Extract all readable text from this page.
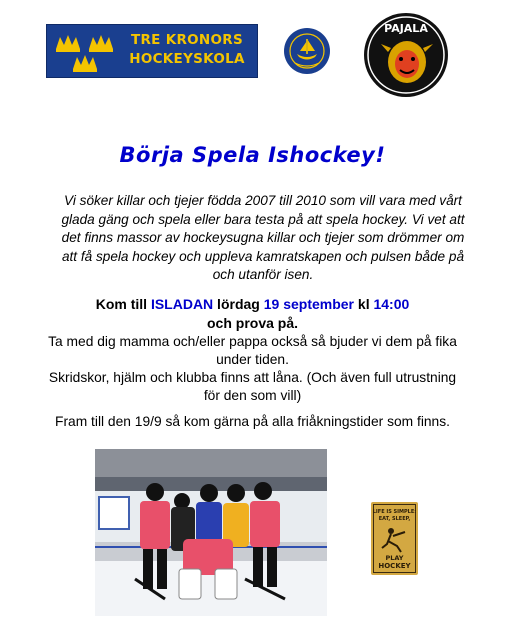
TRE KRONORS
HOCKEYSKOLA
PAJALA
Börja Spela Ishockey!
Vi söker killar och tjejer födda 2007 till 2010 som vill vara med vårt
glada gäng och spela eller bara testa på att spela hockey. Vi vet att
det finns massor av hockeysugna killar och tjejer som drömmer om
att få spela hockey och uppleva kamratskapen och pulsen både på
och utanför isen.
Kom till ISLADAN lördag 19 september kl 14:00
och prova på.
Ta med dig mamma och/eller pappa också så bjuder vi dem på fika
under tiden.
Skridskor, hjälm och klubba finns att låna. (Och även full utrustning
för den som vill)
Fram till den 19/9 så kom gärna på alla friåkningstider som finns.
LIFE IS SIMPLE:
EAT, SLEEP,
PLAY
HOCKEY
